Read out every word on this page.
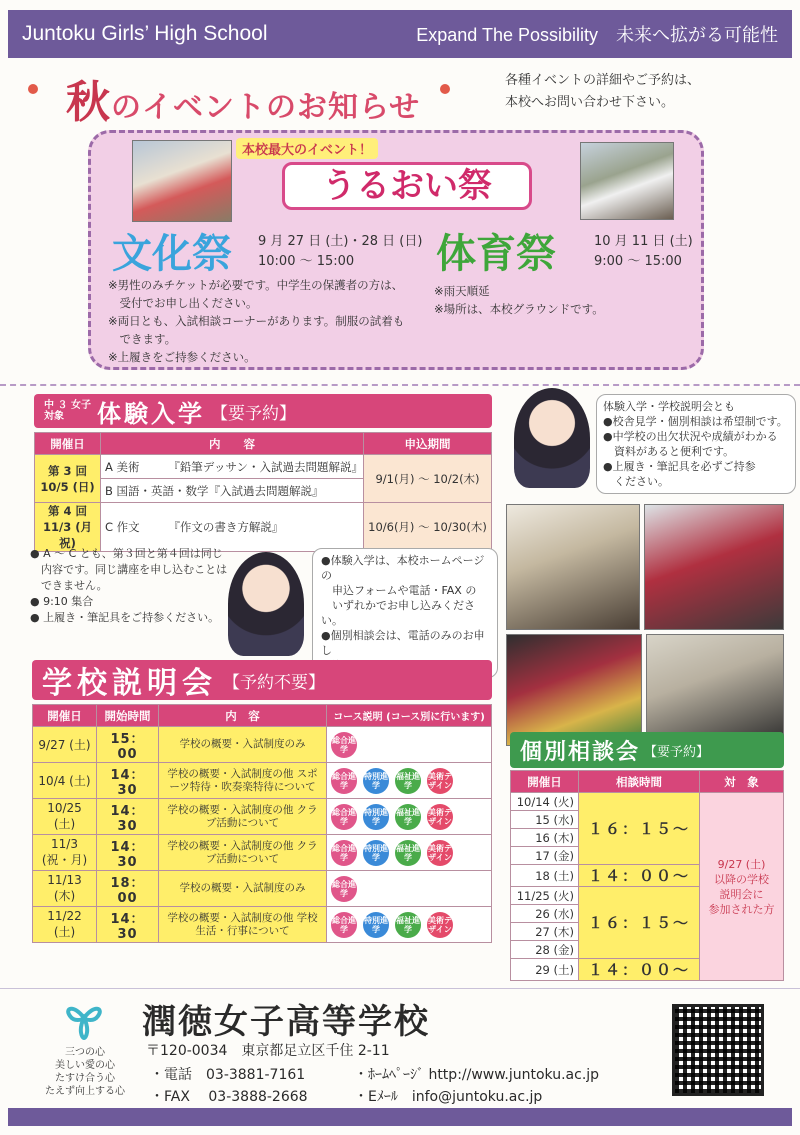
Juntoku Girls’ High School	Expand The Possibility　未来へ拡がる可能性
秋のイベントのお知らせ
各種イベントの詳細やご予約は、
本校へお問い合わせ下さい。
本校最大のイベント！
うるおい祭
文化祭 9 月 27 日 (土)・28 日 (日)
10:00 ～ 15:00	体育祭	10 月 11 日 (土)
9:00 ～ 15:00
※男性のみチケットが必要です。中学生の保護者の方は、
　受付でお申し出ください。
※両日とも、入試相談コーナーがあります。制服の試着も
　できます。
※上履きをご持参ください。
※雨天順延
※場所は、本校グラウンドです。
中 ３ 女子
対象	体験入学 【要予約】
開催日	内　　容	申込期間

第 3 回
10/5 (日)	A 美術　　　『鉛筆デッサン・入試過去問題解説』	9/1(月) ～ 10/2(木)
	B 国語・英語・数学『入試過去問題解説』	

第 4 回
11/3 (月祝)	C 作文　　　『作文の書き方解説』	10/6(月) ～ 10/30(木)
● A ～ C とも、第３回と第４回は同じ
　内容です。同じ講座を申し込むことは
　できません。
● 9:10 集合
● 上履き・筆記具をご持参ください。
体験入学・学校説明会とも
●校舎見学・個別相談は希望制です。
●中学校の出欠状況や成績がわかる
　資料があると便利です。
●上履き・筆記具を必ずご持参
　ください。
●体験入学は、本校ホームページの
　申込フォームや電話・FAX の
　いずれかでお申し込みください。
●個別相談会は、電話のみのお申し
学校説明会 【予約不要】
開催日	開始時間	内　容	コース説明 (コース別に行います)
9/27 (土)	15：00	学校の概要・入試制度のみ	総合進学

10/4 (土)	14：30	学校の概要・入試制度の他 スポーツ特待・吹奏楽特待について	総合進学
特別進学
福祉進学
美術デザイン

10/25 (土)	14：30	学校の概要・入試制度の他 クラブ活動について	総合進学
特別進学
福祉進学
美術デザイン

11/3 (祝・月)	14：30	学校の概要・入試制度の他 クラブ活動について	総合進学
特別進学
福祉進学
美術デザイン

11/13 (木)	18：00	学校の概要・入試制度のみ	総合進学

11/22 (土)	14：30	学校の概要・入試制度の他 学校生活・行事について	総合進学
特別進学
福祉進学
美術デザイン
個別相談会 【要予約】
開催日	相談時間	対　象
10/14 (火)	１６：１５～	9/27 (土)
以降の学校
説明会に
参加された方

15 (水)		
16 (木)		
17 (金)		
18 (土)	１４：００～	
11/25 (火)	１６：１５～	
26 (水)		
27 (木)		
28 (金)		
29 (土)	１４：００～	
三つの心
美しい愛の心
たすけ合う心
たえず向上する心
潤徳女子高等学校
〒120-0034　東京都足立区千住 2-11
・電話　03-3881-7161
・FAX　 03-3888-2668
・ﾎｰﾑﾍﾟｰｼﾞ http://www.juntoku.ac.jp
・Eﾒｰﾙ　info@juntoku.ac.jp
